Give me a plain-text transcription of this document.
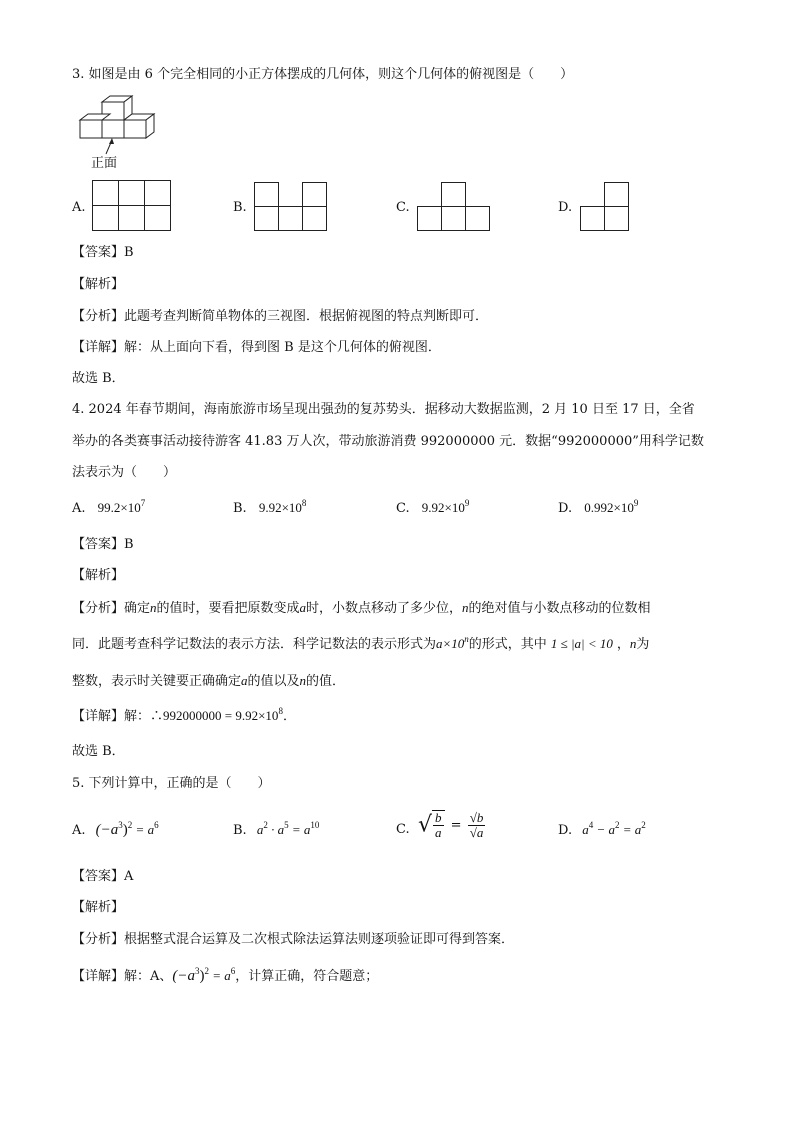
3. 如图是由 6 个完全相同的小正方体摆成的几何体，则这个几何体的俯视图是（　　）
正面
A.	B.	C.	D.
【答案】B
【解析】
【分析】此题考查判断简单物体的三视图．根据俯视图的特点判断即可．
【详解】解：从上面向下看，得到图 B 是这个几何体的俯视图．
故选 B．
4. 2024 年春节期间，海南旅游市场呈现出强劲的复苏势头．据移动大数据监测，2 月 10 日至 17 日，全省
举办的各类赛事活动接待游客 41.83 万人次，带动旅游消费 992000000 元．数据“992000000”用科学记数
法表示为（　　）
A. $99.2\times 10^7$	B. $9.92\times 10^8$	C. $9.92\times 10^9$	D. $0.992\times 10^9$
【答案】B
【解析】
【分析】确定n的值时，要看把原数变成a时，小数点移动了多少位，n的绝对值与小数点移动的位数相
同．此题考查科学记数法的表示方法．科学记数法的表示形式为$a\times 10^n$的形式，其中 1 ≤ |a| < 10 ，n为
整数，表示时关键要正确确定a的值以及n的值．
【详解】解：∴992000000 = $9.92\times 10^8$．
故选 B．
5. 下列计算中，正确的是（　　）
A. $(-a^3)^2 = a^6$	B. $a^2 \cdot a^5 = a^{10}$	C. √ $\frac{b}{a} = \frac{√b}{√a}$	D. $a^4 - a^2 = a^2$
【答案】A
【解析】
【分析】根据整式混合运算及二次根式除法运算法则逐项验证即可得到答案．
【详解】解：A、$(-a^3)^2 = a^6$，计算正确，符合题意；
